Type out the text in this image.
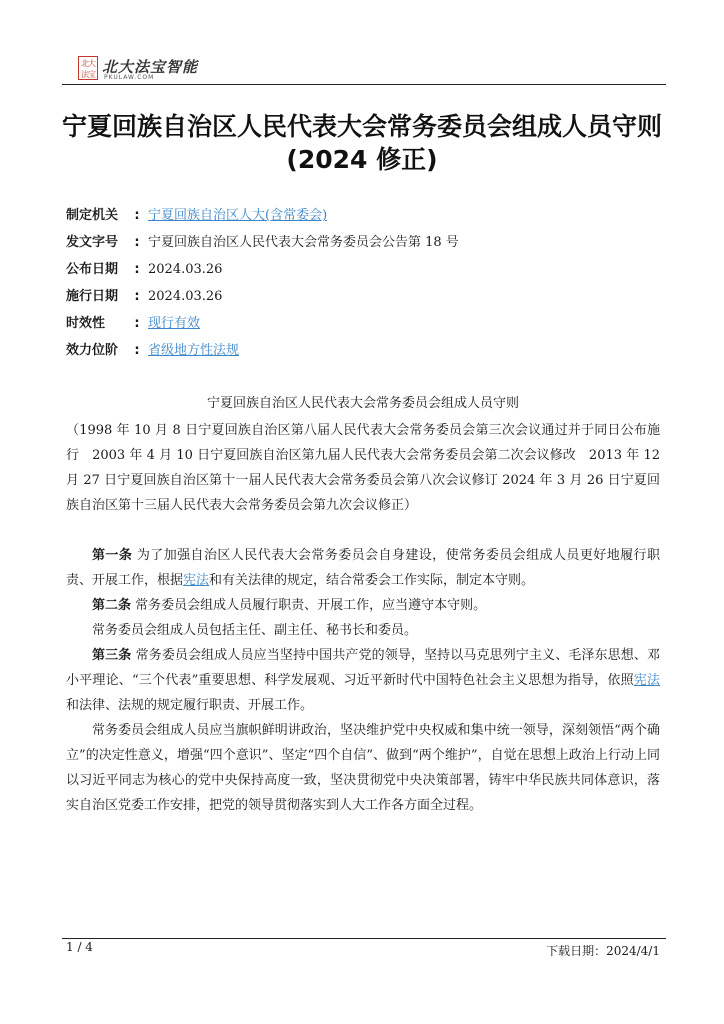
北大法宝 北大法宝智能
PKULAW.COM
宁夏回族自治区人民代表大会常务委员会组成人员守则(2024 修正)
制定机关	: 宁夏回族自治区人大(含常委会)
发文字号	: 宁夏回族自治区人民代表大会常务委员会公告第 18 号
公布日期	: 2024.03.26
施行日期	: 2024.03.26
时效性	: 现行有效
效力位阶	: 省级地方性法规
宁夏回族自治区人民代表大会常务委员会组成人员守则
（1998 年 10 月 8 日宁夏回族自治区第八届人民代表大会常务委员会第三次会议通过并于同日公布施行　2003 年 4 月 10 日宁夏回族自治区第九届人民代表大会常务委员会第二次会议修改　2013 年 12 月 27 日宁夏回族自治区第十一届人民代表大会常务委员会第八次会议修订 2024 年 3 月 26 日宁夏回族自治区第十三届人民代表大会常务委员会第九次会议修正）

第一条 为了加强自治区人民代表大会常务委员会自身建设，使常务委员会组成人员更好地履行职责、开展工作，根据宪法和有关法律的规定，结合常委会工作实际，制定本守则。

第二条 常务委员会组成人员履行职责、开展工作，应当遵守本守则。

常务委员会组成人员包括主任、副主任、秘书长和委员。

第三条 常务委员会组成人员应当坚持中国共产党的领导，坚持以马克思列宁主义、毛泽东思想、邓小平理论、“三个代表”重要思想、科学发展观、习近平新时代中国特色社会主义思想为指导，依照宪法和法律、法规的规定履行职责、开展工作。

常务委员会组成人员应当旗帜鲜明讲政治，坚决维护党中央权威和集中统一领导，深刻领悟“两个确立”的决定性意义，增强“四个意识”、坚定“四个自信”、做到“两个维护”，自觉在思想上政治上行动上同以习近平同志为核心的党中央保持高度一致，坚决贯彻党中央决策部署，铸牢中华民族共同体意识，落实自治区党委工作安排，把党的领导贯彻落实到人大工作各方面全过程。

1 / 4	下载日期：2024/4/1
